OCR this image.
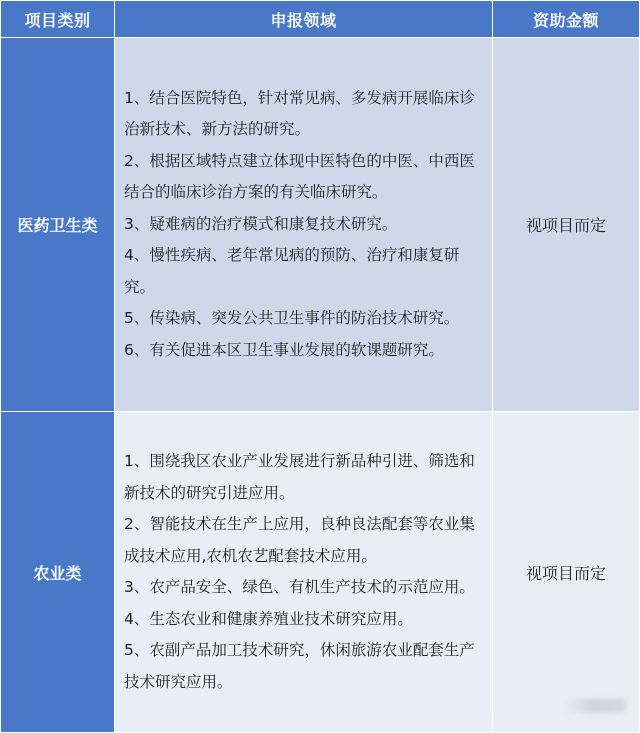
项目类别	申报领域	资助金额
医药卫生类

1、结合医院特色，针对常见病、多发病开展临床诊治新技术、新方法的研究。

2、根据区域特点建立体现中医特色的中医、中西医结合的临床诊治方案的有关临床研究。

3、疑难病的治疗模式和康复技术研究。

4、慢性疾病、老年常见病的预防、治疗和康复研究。

5、传染病、突发公共卫生事件的防治技术研究。

6、有关促进本区卫生事业发展的软课题研究。

视项目而定
农业类

1、围绕我区农业产业发展进行新品种引进、筛选和新技术的研究引进应用。

2、智能技术在生产上应用，良种良法配套等农业集成技术应用,农机农艺配套技术应用。

3、农产品安全、绿色、有机生产技术的示范应用。

4、生态农业和健康养殖业技术研究应用。

5、农副产品加工技术研究，休闲旅游农业配套生产技术研究应用。

视项目而定
